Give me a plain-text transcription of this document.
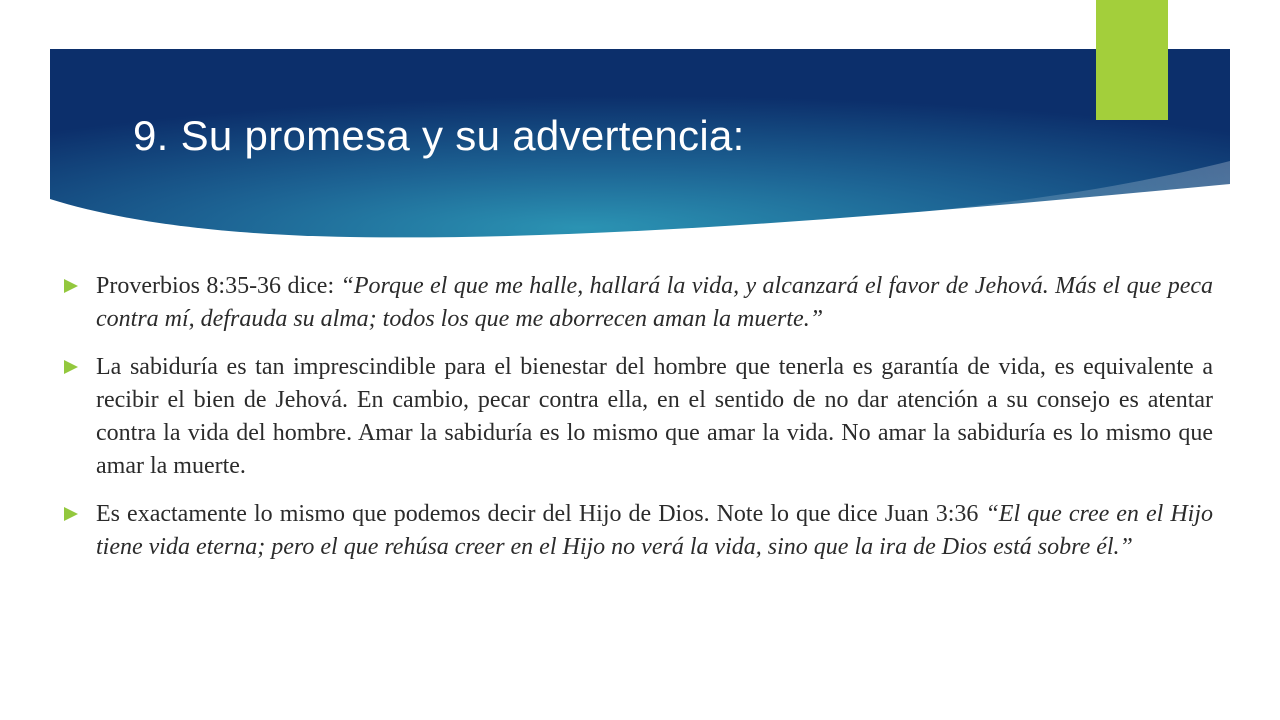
9. Su promesa y su advertencia:
Proverbios 8:35-36 dice: “Porque el que me halle, hallará la vida, y alcanzará el favor de Jehová. Más el que peca contra mí, defrauda su alma; todos los que me aborrecen aman la muerte.”
La sabiduría es tan imprescindible para el bienestar del hombre que tenerla es garantía de vida, es equivalente a recibir el bien de Jehová. En cambio, pecar contra ella, en el sentido de no dar atención a su consejo es atentar contra la vida del hombre. Amar la sabiduría es lo mismo que amar la vida. No amar la sabiduría es lo mismo que amar la muerte.
Es exactamente lo mismo que podemos decir del Hijo de Dios. Note lo que dice Juan 3:36 “El que cree en el Hijo tiene vida eterna; pero el que rehúsa creer en el Hijo no verá la vida, sino que la ira de Dios está sobre él.”
